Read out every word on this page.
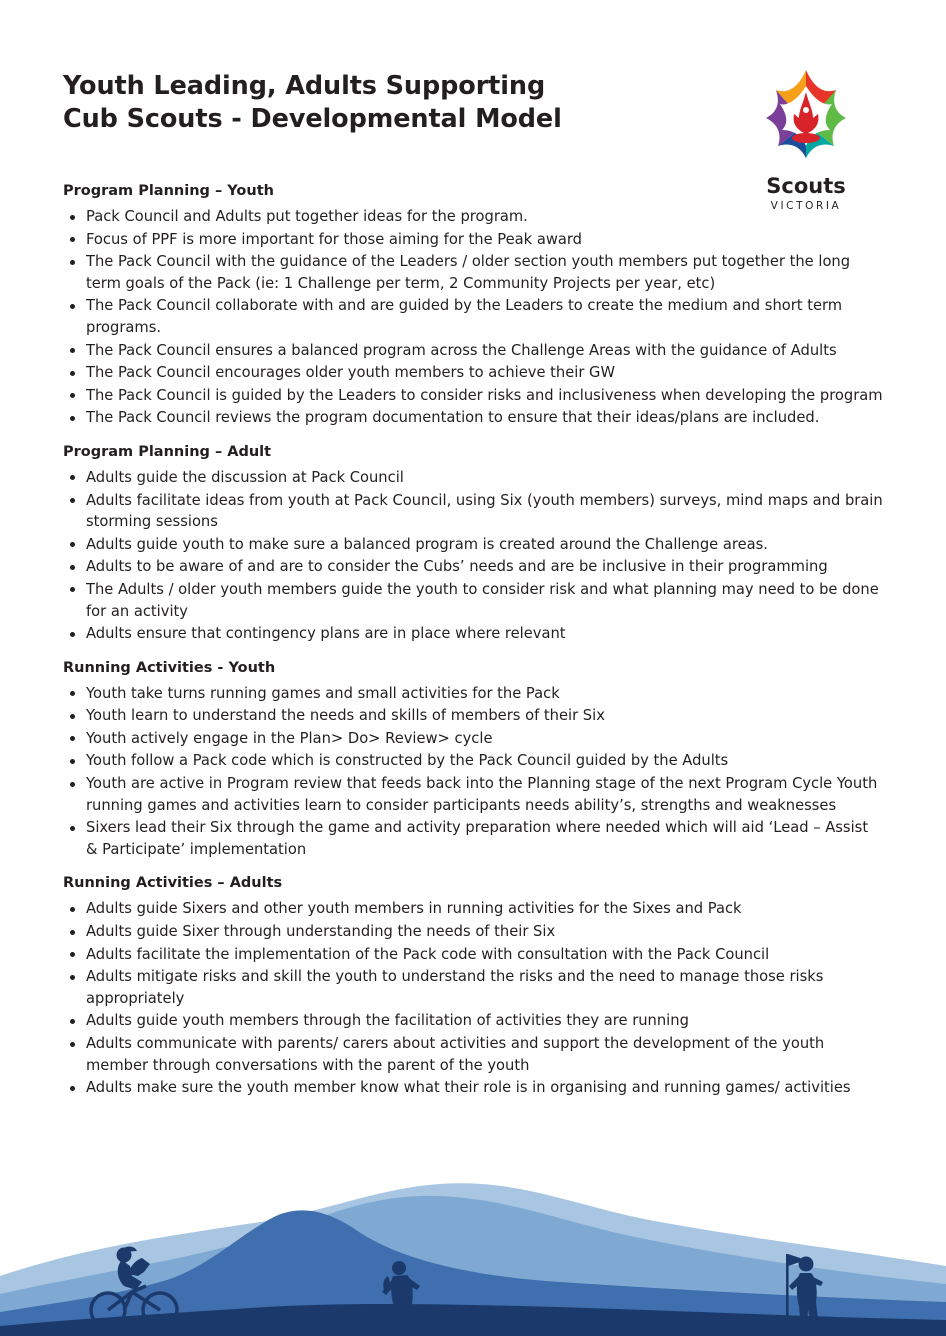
Youth Leading, Adults Supporting
Cub Scouts - Developmental Model
Scouts
VICTORIA
Program Planning – Youth
Pack Council and Adults put together ideas for the program.
Focus of PPF is more important for those aiming for the Peak award
The Pack Council with the guidance of the Leaders / older section youth members put together the long term goals of the Pack (ie: 1 Challenge per term, 2 Community Projects per year, etc)
The Pack Council collaborate with and are guided by the Leaders to create the medium and short term programs.
The Pack Council ensures a balanced program across the Challenge Areas with the guidance of Adults
The Pack Council encourages older youth members to achieve their GW
The Pack Council is guided by the Leaders to consider risks and inclusiveness when developing the program
The Pack Council reviews the program documentation to ensure that their ideas/plans are included.
Program Planning – Adult
Adults guide the discussion at Pack Council
Adults facilitate ideas from youth at Pack Council, using Six (youth members) surveys, mind maps and brain storming sessions
Adults guide youth to make sure a balanced program is created around the Challenge areas.
Adults to be aware of and are to consider the Cubs’ needs and are be inclusive in their programming
The Adults / older youth members guide the youth to consider risk and what planning may need to be done for an activity
Adults ensure that contingency plans are in place where relevant
Running Activities - Youth
Youth take turns running games and small activities for the Pack
Youth learn to understand the needs and skills of members of their Six
Youth actively engage in the Plan> Do> Review> cycle
Youth follow a Pack code which is constructed by the Pack Council guided by the Adults
Youth are active in Program review that feeds back into the Planning stage of the next Program Cycle Youth running games and activities learn to consider participants needs ability’s, strengths and weaknesses
Sixers lead their Six through the game and activity preparation where needed which will aid ‘Lead – Assist & Participate’ implementation
Running Activities – Adults
Adults guide Sixers and other youth members in running activities for the Sixes and Pack
Adults guide Sixer through understanding the needs of their Six
Adults facilitate the implementation of the Pack code with consultation with the Pack Council
Adults mitigate risks and skill the youth to understand the risks and the need to manage those risks appropriately
Adults guide youth members through the facilitation of activities they are running
Adults communicate with parents/ carers about activities and support the development of the youth member through conversations with the parent of the youth
Adults make sure the youth member know what their role is in organising and running games/ activities
